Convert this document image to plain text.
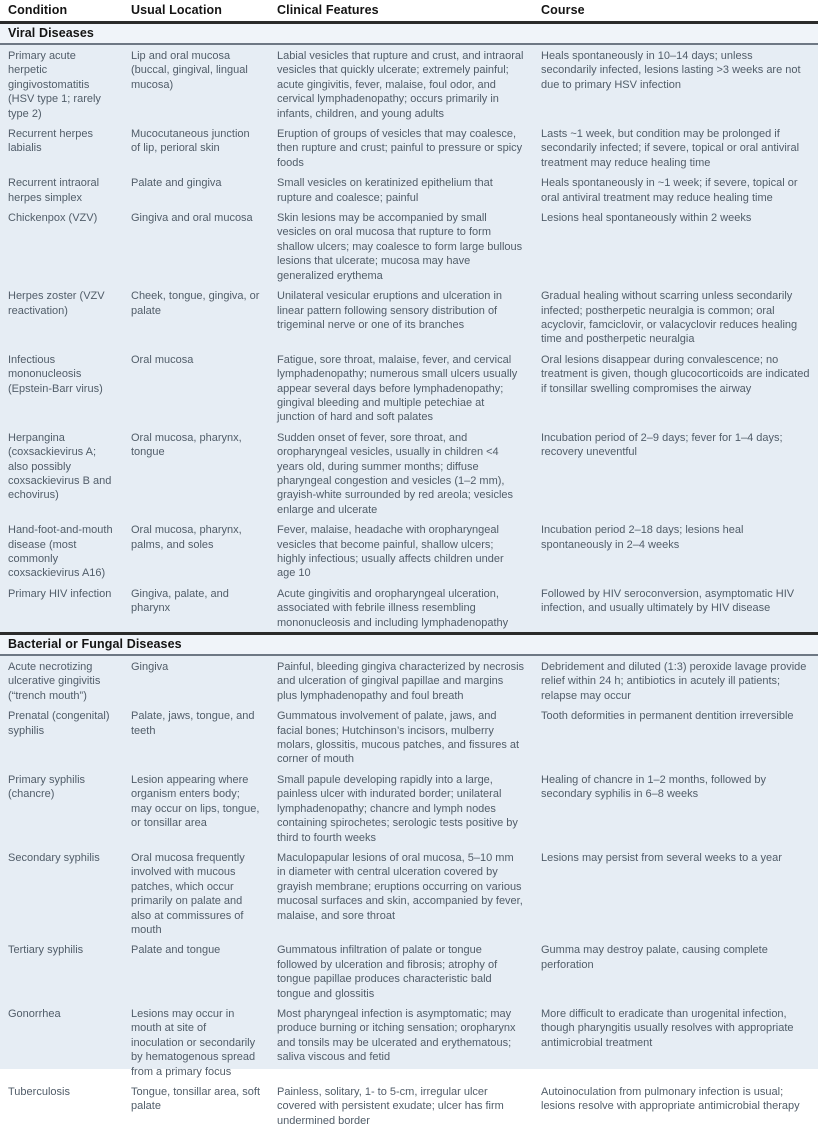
Condition	Usual Location	Clinical Features	Course
Viral Diseases			
Primary acute herpetic gingivostomatitis (HSV type 1; rarely type 2)	Lip and oral mucosa (buccal, gingival, lingual mucosa)	Labial vesicles that rupture and crust, and intraoral vesicles that quickly ulcerate; extremely painful; acute gingivitis, fever, malaise, foul odor, and cervical lymphadenopathy; occurs primarily in infants, children, and young adults	Heals spontaneously in 10–14 days; unless secondarily infected, lesions lasting >3 weeks are not due to primary HSV infection
Recurrent herpes labialis	Mucocutaneous junction of lip, perioral skin	Eruption of groups of vesicles that may coalesce, then rupture and crust; painful to pressure or spicy foods	Lasts ~1 week, but condition may be prolonged if secondarily infected; if severe, topical or oral antiviral treatment may reduce healing time
Recurrent intraoral herpes simplex	Palate and gingiva	Small vesicles on keratinized epithelium that rupture and coalesce; painful	Heals spontaneously in ~1 week; if severe, topical or oral antiviral treatment may reduce healing time
Chickenpox (VZV)	Gingiva and oral mucosa	Skin lesions may be accompanied by small vesicles on oral mucosa that rupture to form shallow ulcers; may coalesce to form large bullous lesions that ulcerate; mucosa may have generalized erythema	Lesions heal spontaneously within 2 weeks
Herpes zoster (VZV reactivation)	Cheek, tongue, gingiva, or palate	Unilateral vesicular eruptions and ulceration in linear pattern following sensory distribution of trigeminal nerve or one of its branches	Gradual healing without scarring unless secondarily infected; postherpetic neuralgia is common; oral acyclovir, famciclovir, or valacyclovir reduces healing time and postherpetic neuralgia
Infectious mononucleosis (Epstein-Barr virus)	Oral mucosa	Fatigue, sore throat, malaise, fever, and cervical lymphadenopathy; numerous small ulcers usually appear several days before lymphadenopathy; gingival bleeding and multiple petechiae at junction of hard and soft palates	Oral lesions disappear during convalescence; no treatment is given, though glucocorticoids are indicated if tonsillar swelling compromises the airway
Herpangina (coxsackievirus A; also possibly coxsackievirus B and echovirus)	Oral mucosa, pharynx, tongue	Sudden onset of fever, sore throat, and oropharyngeal vesicles, usually in children <4 years old, during summer months; diffuse pharyngeal congestion and vesicles (1–2 mm), grayish-white surrounded by red areola; vesicles enlarge and ulcerate	Incubation period of 2–9 days; fever for 1–4 days; recovery uneventful
Hand-foot-and-mouth disease (most commonly coxsackievirus A16)	Oral mucosa, pharynx, palms, and soles	Fever, malaise, headache with oropharyngeal vesicles that become painful, shallow ulcers; highly infectious; usually affects children under age 10	Incubation period 2–18 days; lesions heal spontaneously in 2–4 weeks
Primary HIV infection	Gingiva, palate, and pharynx	Acute gingivitis and oropharyngeal ulceration, associated with febrile illness resembling mononucleosis and including lymphadenopathy	Followed by HIV seroconversion, asymptomatic HIV infection, and usually ultimately by HIV disease
Bacterial or Fungal Diseases			
Acute necrotizing ulcerative gingivitis (“trench mouth”)	Gingiva	Painful, bleeding gingiva characterized by necrosis and ulceration of gingival papillae and margins plus lymphadenopathy and foul breath	Debridement and diluted (1:3) peroxide lavage provide relief within 24 h; antibiotics in acutely ill patients; relapse may occur
Prenatal (congenital) syphilis	Palate, jaws, tongue, and teeth	Gummatous involvement of palate, jaws, and facial bones; Hutchinson’s incisors, mulberry molars, glossitis, mucous patches, and fissures at corner of mouth	Tooth deformities in permanent dentition irreversible
Primary syphilis (chancre)	Lesion appearing where organism enters body; may occur on lips, tongue, or tonsillar area	Small papule developing rapidly into a large, painless ulcer with indurated border; unilateral lymphadenopathy; chancre and lymph nodes containing spirochetes; serologic tests positive by third to fourth weeks	Healing of chancre in 1–2 months, followed by secondary syphilis in 6–8 weeks
Secondary syphilis	Oral mucosa frequently involved with mucous patches, which occur primarily on palate and also at commissures of mouth	Maculopapular lesions of oral mucosa, 5–10 mm in diameter with central ulceration covered by grayish membrane; eruptions occurring on various mucosal surfaces and skin, accompanied by fever, malaise, and sore throat	Lesions may persist from several weeks to a year
Tertiary syphilis	Palate and tongue	Gummatous infiltration of palate or tongue followed by ulceration and fibrosis; atrophy of tongue papillae produces characteristic bald tongue and glossitis	Gumma may destroy palate, causing complete perforation
Gonorrhea	Lesions may occur in mouth at site of inoculation or secondarily by hematogenous spread from a primary focus	Most pharyngeal infection is asymptomatic; may produce burning or itching sensation; oropharynx and tonsils may be ulcerated and erythematous; saliva viscous and fetid	More difficult to eradicate than urogenital infection, though pharyngitis usually resolves with appropriate antimicrobial treatment
Tuberculosis	Tongue, tonsillar area, soft palate	Painless, solitary, 1- to 5-cm, irregular ulcer covered with persistent exudate; ulcer has firm undermined border	Autoinoculation from pulmonary infection is usual; lesions resolve with appropriate antimicrobial therapy
